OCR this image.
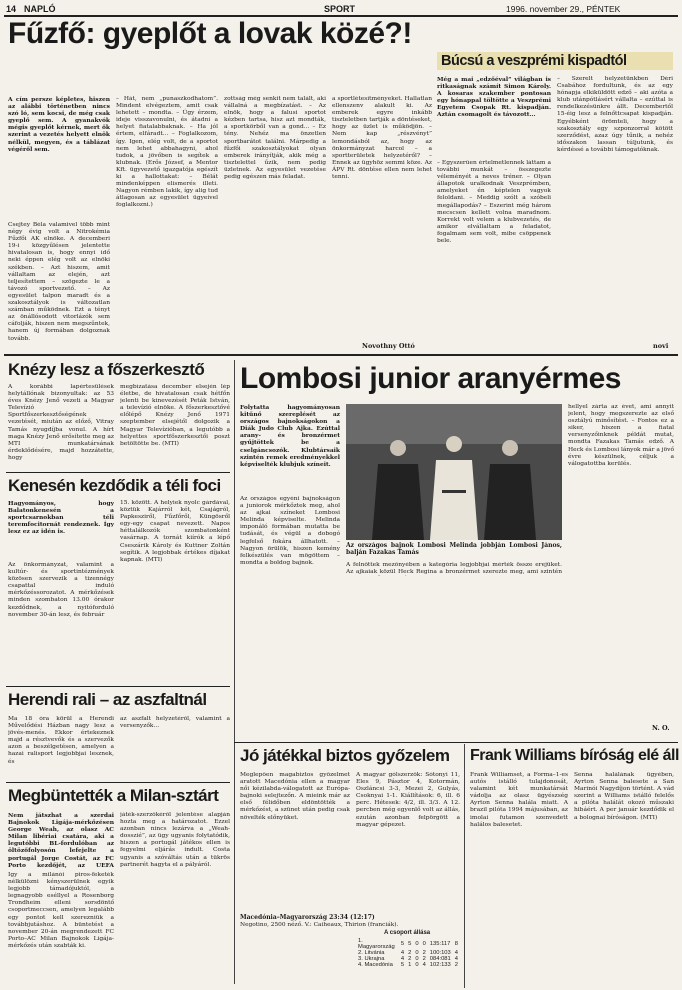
14 NAPLÓ	SPORT	1996. november 29., PÉNTEK
Fűzfő: gyeplőt a lovak közé?!
A cím persze képletes, hiszen az alábbi történetben nincs szó ló, sem kocsi, de még csak gyeplő sem. A gyanakvók mégis gyeplőt kérnek, mert ők szerint a vezetés helyett elnök nélkül, megyen, és a táblázat végéről sem.
Csejtey Béla valamivel több mint négy évig volt a Nitrokémia Fűzfői AK elnöke. A decemberi 19-i közgyűlésen jelentette hivatalosan is, hogy ennyi idő neki éppen elég volt az elnöki székben. – Azt hiszem, amit vállaltam az elején, azt teljesítettem – szögezte le a távozó sportvezető. – Az egyesület talpon maradt és a szakosztályok is változatlan számban működnek. Ezt a tényt az önállósodott vitorlázók sem cáfolják, hiszen nem megszűntek, hanem új formában dolgoznak tovább.
– Hát, nem „punaszkodhatom”. Mindent elvégeztem, amit csak lehetett – mondta. – Úgy érzem, ideje visszavonulni, és átadni a helyet fiatalabbaknak. – Ha jól értem, elfáradt... – Foglalkozom, így. Igen, elég volt, de a sportot nem lehet abbahagyni, ahol tudok, a jövőben is segítek a klubnak. (Erős József, a Mentor Kft. ügyvezető igazgatója egészít ki a hallottakat: – Bélát mindenképpen elismerés illeti. Nagyon rémben lakik, így alig tud átlagosan az egyesület ügyeivel foglalkozni.)
zottság még senkit nem talált, aki vállalná a megbízatást. – Az elnök, hogy a falusi sportot kézben tartsa, hisz azt mondták, a sportkörből van a gond... – Ez tény. Nehéz ma önzetlen sportbarátot találni. Márpedig a fűzfői szakosztályokat olyan emberek irányítják, akik még a tisztelettel űzik, nem pedig üzletnek. Az egyesület vezetése pedig egészen más feladat.
a sportlétesítményeket. Hallatlan ellenszenv alakult ki. Az emberek egyre inkább tiszteletben tartják a döntéseket, hogy az üzlet is működjön. – Nem kap „részvényt” lemondásból az, hogy az önkormányzat harcol – a sportterületek helyzetéről? – Ennek az ügyhöz semmi köze. Az ÁPV Rt. döntése ellen nem lehet tenni.
Novothny Ottó
Búcsú a veszprémi kispadtól
Még a mai „edzőéval” világban is ritkaságnak számít Simon Károly. A kosaras szakember pontosan egy hónappal töltötte a Veszprémi Egyetem Csopak Rt. kispadján. Aztán csomagolt és távozott...
– Egyszerűen értelmetlennek láttam a további munkát – összegezte véleményét a neves tréner. – Olyan állapotok uralkodnak Veszprémben, amelyeket én képtelen vagyok feloldani. – Meddig szólt a szóbeli megállapodás? – Eszerint még három mecscsen kellett volna maradnom. Korrekt volt velem a klubvezetés, de amikor elvállaltam a feladatot, fogalmam sem volt, mibe csöppenek bele.
– Szerelt helyzetünkben Déri Csabához fordultunk, és az egy hónapja elkiküldött edző – aki azóta a klub utánpótlásért vállalta – ezúttal is rendelkezésünkre állt. Decembertől 15-éig lesz a felnőttcsapat kispadján. Egyébként örömteli, hogy a szakosztály egy szponzorral kötött szerződést, azaz úgy tűnik, a nehéz időszakon lassan túljutunk, és kérdéssé a további támogatóknak.
novi
Knézy lesz a főszerkesztő
A korábbi lapértesülések helytállónak bizonyultak: az 53 éves Knézy Jenő vezeti a Magyar Televízió Sportfőszerkesztőségének vezetését, miután az előző, Vitray Tamás nyugdíjba vonul. A hírt maga Knézy Jenő erősítette meg az MTI munkatársának érdeklődésére, majd hozzátette, hogy
megbízatása december elsején lép életbe, de hivatalosan csak hétfőn jelenti be kinevezését Peták István, a televízió elnöke. A főszerkesztővé előlépő Knézy Jenő 1971 szeptember elsejétől dolgozik a Magyar Televízióban, a legutóbb a helyettes sportfőszerkesztői poszt betöltötte be. (MTI)
Kenesén kezdődik a téli foci
Hagyományos, hogy Balatonkenesén a sportcsarnokban téli teremfocitornát rendeznek. Így lesz ez az idén is.
Az önkormányzat, valamint a kultúr- és sportintézmények közösen szervezik a tizennégy csapattal induló mérkőzéssorozatot. A mérkőzések minden szombaton 13.00 órakor kezdődnek, a nyitóforduló november 30-án lesz, és február
15. között. A helyiek nyolc gárdával, köztük Kajárról két, Csajágról, Papkesziről, Fűzfőről, Küngösről egy-egy csapat nevezett. Napos héttalálkozók szombatonként vasárnap. A tornát kiírók a lépő Cseszárik Károly és Kuttner Zoltán segítik. A legjobbak értékes díjakat kapnak. (MTI)
Herendi rali – az aszfaltnál
Ma 18 óra körül a Herendi Művelődési Házban nagy lesz a jövés-menés. Ekkor értekeznek majd a résztvevők és a szervezők azon a beszélgetésen, amelyen a hazai ralisport legjobbjai lesznek, és
az aszfalt helyzetéről, valamint a versenyzők...
Megbüntették a Milan-sztárt
Nem játszhat a szerdai Bajnokok Ligája-mérkőzésen George Weah, az olasz AC Milan libériai csatára, aki a legutóbbi BL-fordulóban az öltözőfolyosón lefejelte a portugál Jorge Costát, az FC Porto kezdőjét, az UEFA
Így a milánói piros-feketék nélkülözni kényszerülnek egyik legjobb támadójuktól, a legnagyobb eséllyel a Rosenborg Trondheim elleni sorsdöntő csoportmeccsen, amelyen legalább egy pontot kell szerezniük a továbbjutáshoz. A büntetést a november 20-án megrendezett FC Porto–AC Milan Bajnokok Ligája-mérkőzés után szabták ki.
játék-szerzőkéről jelentése alapján hozta meg a határozatot. Ezzel azonban nincs lezárva a „Weah-dosszié”, az ügy ugyanis folytatódik, hiszen a portugál játékos ellen is fegyelmi eljárás indult. Costa ugyanis a szóváltás után a tükrös partnerét hagyta el a pályáról.
Lombosi junior aranyérmes
Folytatta hagyományosan kitűnő szereplését az országos bajnokságokon a Diák Judo Club Ajka. Ezúttal arany- és bronzérmet gyűjtöttek be a cselgáncsozók. Klubtársaik szintén remek eredményekkel képviselték klubjuk színeit.
Az országos egyéni bajnokságon a juniorok mérkőztek meg, ahol az ajkai színeket Lombosi Melinda képviselte. Melinda imponáló formában mutatta be tudását, és végül a dobogó legfelső fokára állhatott. – Nagyon örülök, hiszen kemény felkészülés van mögöttem – mondta a boldog bajnok.
Az országos bajnok Lombosi Melinda jobbján Lombosi János, balján Fazakas Tamás
A felnőttek mezőnyében a kategória legjobbjai mérték össze erejüket. Az ajkaiak közül Heck Regina a bronzérmet szerezte meg, ami szintén
hellyel zárta az évet, ami annyit jelent, hogy megszerezte az első osztályú minősítést. – Fontos ez a siker, hiszen a fiatal versenyzőinknek példát mutat, mondta Fazakas Tamás edző. A Heck és Lombosi lányok már a jövő évre készülnek, céljuk a válogatottba kerülés.
N. O.
Jó játékkal biztos győzelem
Meglepően magabiztos győzelmet aratott Macedónia ellen a magyar női kézilabda-válogatott az Európa-bajnoki selejtezőn. A mieink már az első félidőben eldöntötték a mérkőzést, a szünet után pedig csak növelték előnyüket.
A magyar gólszerzők: Sótonyi 11, Eles 9, Pásztor 4, Kotormán, Oszláncsi 3-3, Mezei 2, Gulyás, Csoknyai 1-1. Kiállítások: 6, ill. 6 perc. Hétesek: 4/2, ill. 3/3. A 12. percben még egyenlő volt az állás, ezután azonban felpörgött a magyar gépezet.
Macedónia–Magyarország 23:34 (12:17)
Negotino, 2500 néző. V.: Caiheaux, Thirion (franciák).
A csoport állása
1. Magyarország	5	5	0	0	135:117	8
2. Litvánia	4	2	0	2	100:103	4
3. Ukrajna	4	2	0	2	084:081	4
4. Macedónia	5	1	0	4	102:133	2
Frank Williams bíróság elé áll
Frank Williamset, a Forma–1-es autós istálló tulajdonosát, valamint két munkatársát vádolja az olasz ügyészség Ayrton Senna halála miatt. A brazil pilóta 1994 májusában, az imolai futamon szenvedett halálos balesetet.
Senna halálának ügyében, Ayrton Senna balesete a San Marinói Nagydíjon történt. A vád szerint a Williams istálló felelős a pilóta halálát okozó műszaki hibáért. A per január kezdődik el a bolognai bíróságon. (MTI)
